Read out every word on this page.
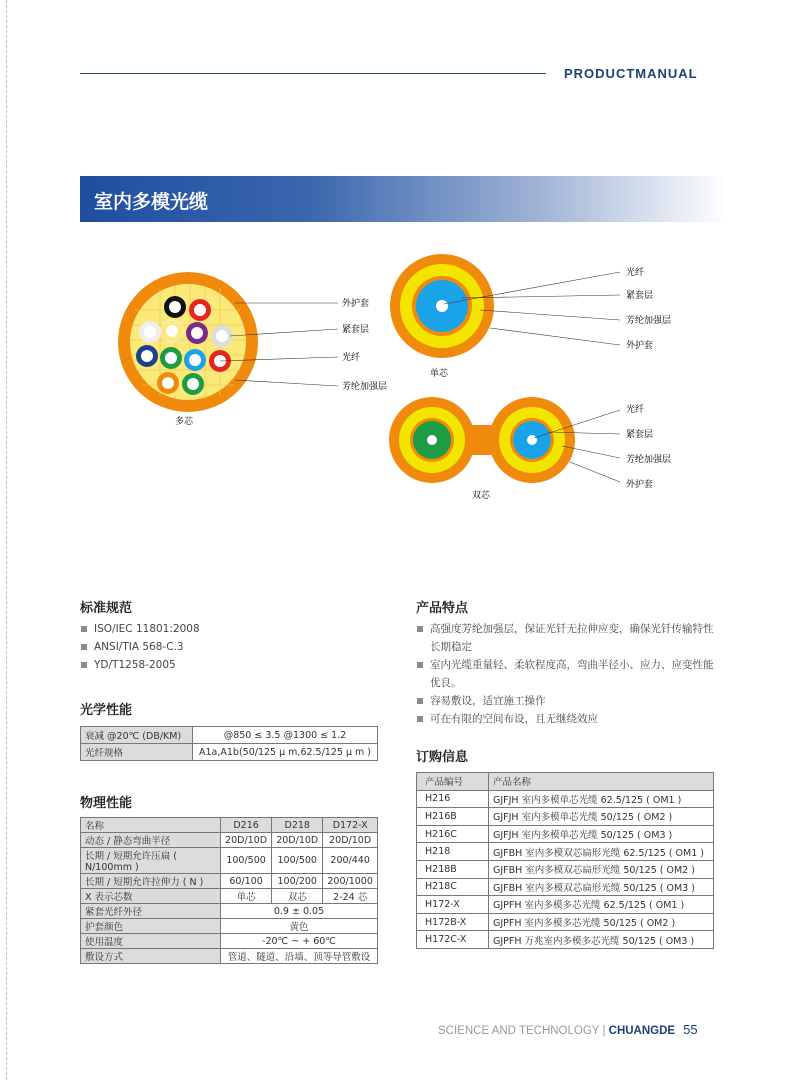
PRODUCTMANUAL
室内多模光缆
多芯
外护套
紧套层
光纤
芳纶加强层
单芯
光纤
紧套层
芳纶加强层
外护套
双芯
光纤
紧套层
芳纶加强层
外护套
标准规范
ISO/IEC 11801:2008
ANSI/TIA 568-C.3
YD/T1258-2005
光学性能
衰减 @20℃ (DB/KM)	@850 ≤ 3.5 @1300 ≤ 1.2
光纤规格	A1a,A1b(50/125 μ m,62.5/125 μ m )
物理性能
名称	D216	D218	D172-X
动态 / 静态弯曲半径	20D/10D	20D/10D	20D/10D
长期 / 短期允许压扁 ( N/100mm )	100/500	100/500	200/440
长期 / 短期允许拉伸力 ( N )	60/100	100/200	200/1000
X 表示芯数	单芯	双芯	2-24 芯
紧套光纤外径	0.9 ± 0.05		
护套颜色	黄色		
使用温度	-20℃ ~ + 60℃		
敷设方式	管道、隧道、沿墙、顶等导管敷设		
产品特点
高强度芳纶加强层，保证光钎无拉伸应变，确保光钎传输特性
长期稳定
室内光缆重量轻、柔软程度高，弯曲半径小、应力、应变性能
优良。
容易敷设，适宜施工操作
可在有限的空间布设，且无继绕效应
订购信息
产品编号	产品名称
H216	GJFJH 室内多模单芯光缆 62.5/125 ( OM1 )
H216B	GJFJH 室内多模单芯光缆 50/125 ( OM2 )
H216C	GJFJH 室内多模单芯光缆 50/125 ( OM3 )
H218	GJFBH 室内多模双芯扁形光缆 62.5/125 ( OM1 )
H218B	GJFBH 室内多模双芯扁形光缆 50/125 ( OM2 )
H218C	GJFBH 室内多模双芯扁形光缆 50/125 ( OM3 )
H172-X	GJPFH 室内多模多芯光缆 62.5/125 ( OM1 )
H172B-X	GJPFH 室内多模多芯光缆 50/125 ( OM2 )
H172C-X	GJPFH 万兆室内多模多芯光缆 50/125 ( OM3 )
SCIENCE AND TECHNOLOGY | CHUANGDE 55
